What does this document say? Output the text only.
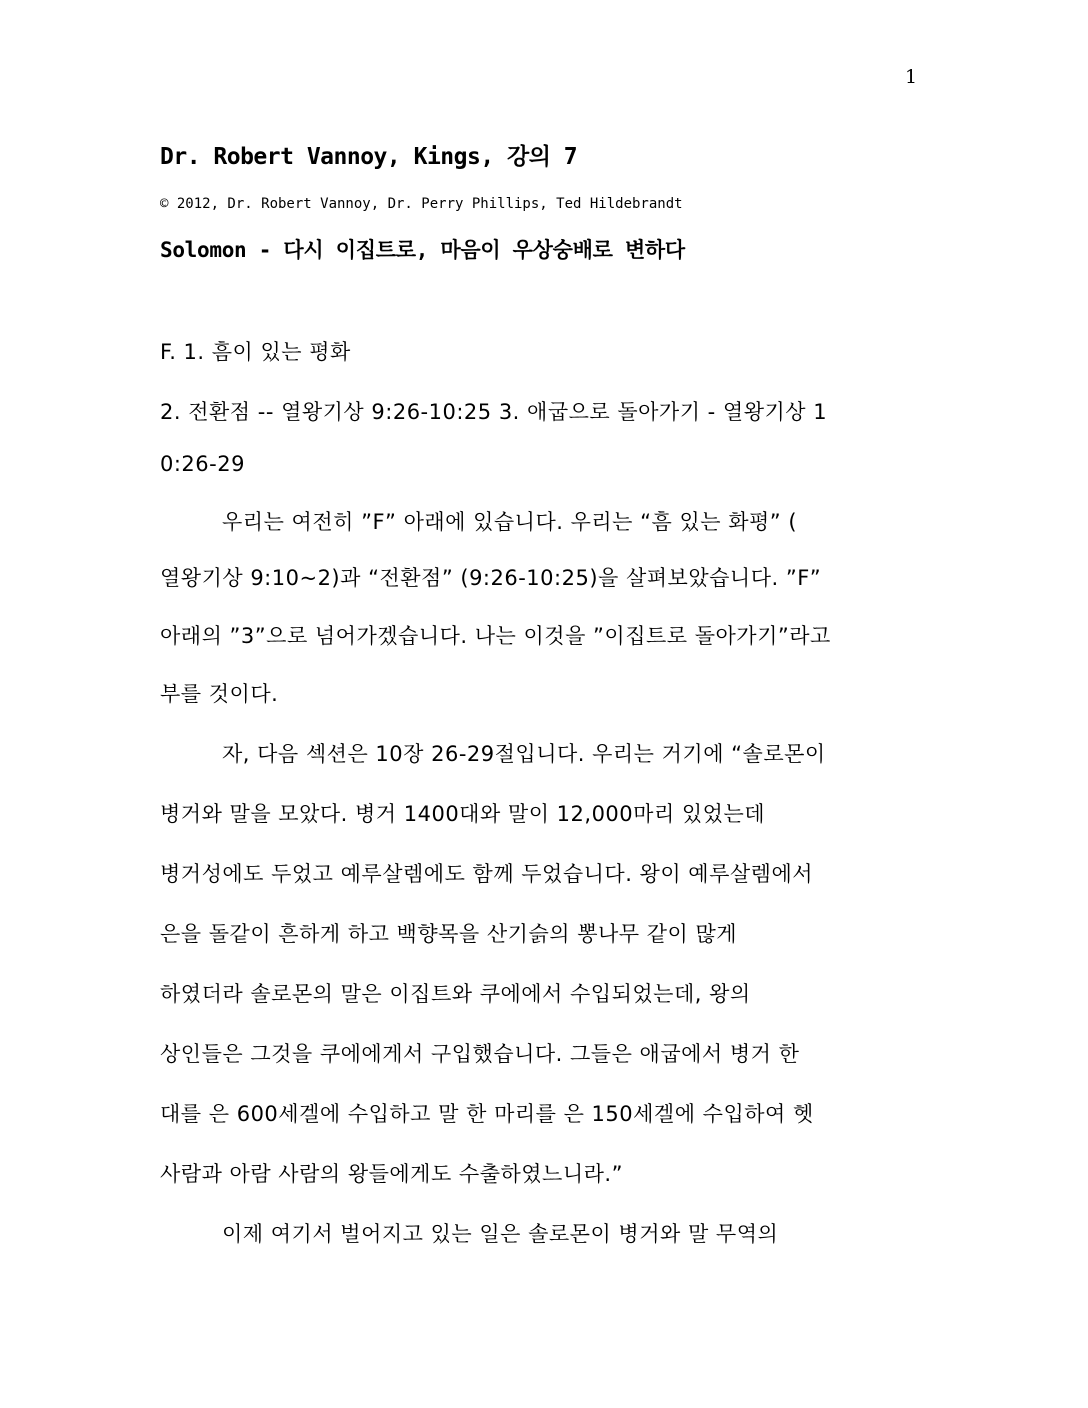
1
Dr. Robert Vannoy, Kings, 강의 7
© 2012, Dr. Robert Vannoy, Dr. Perry Phillips, Ted Hildebrandt
Solomon - 다시 이집트로, 마음이 우상숭배로 변하다
F. 1. 흠이 있는 평화
2. 전환점 -- 열왕기상 9:26-10:25 3. 애굽으로 돌아가기 - 열왕기상 1
0:26-29
우리는 여전히 ”F” 아래에 있습니다. 우리는 “흠 있는 화평” (
열왕기상 9:10~2)과 “전환점” (9:26-10:25)을 살펴보았습니다. ”F”
아래의 ”3”으로 넘어가겠습니다. 나는 이것을 ”이집트로 돌아가기”라고
부를 것이다.
자, 다음 섹션은 10장 26-29절입니다. 우리는 거기에 “솔로몬이
병거와 말을 모았다. 병거 1400대와 말이 12,000마리 있었는데
병거성에도 두었고 예루살렘에도 함께 두었습니다. 왕이 예루살렘에서
은을 돌같이 흔하게 하고 백향목을 산기슭의 뽕나무 같이 많게
하였더라 솔로몬의 말은 이집트와 쿠에에서 수입되었는데, 왕의
상인들은 그것을 쿠에에게서 구입했습니다. 그들은 애굽에서 병거 한
대를 은 600세겔에 수입하고 말 한 마리를 은 150세겔에 수입하여 헷
사람과 아람 사람의 왕들에게도 수출하였느니라.”
이제 여기서 벌어지고 있는 일은 솔로몬이 병거와 말 무역의
